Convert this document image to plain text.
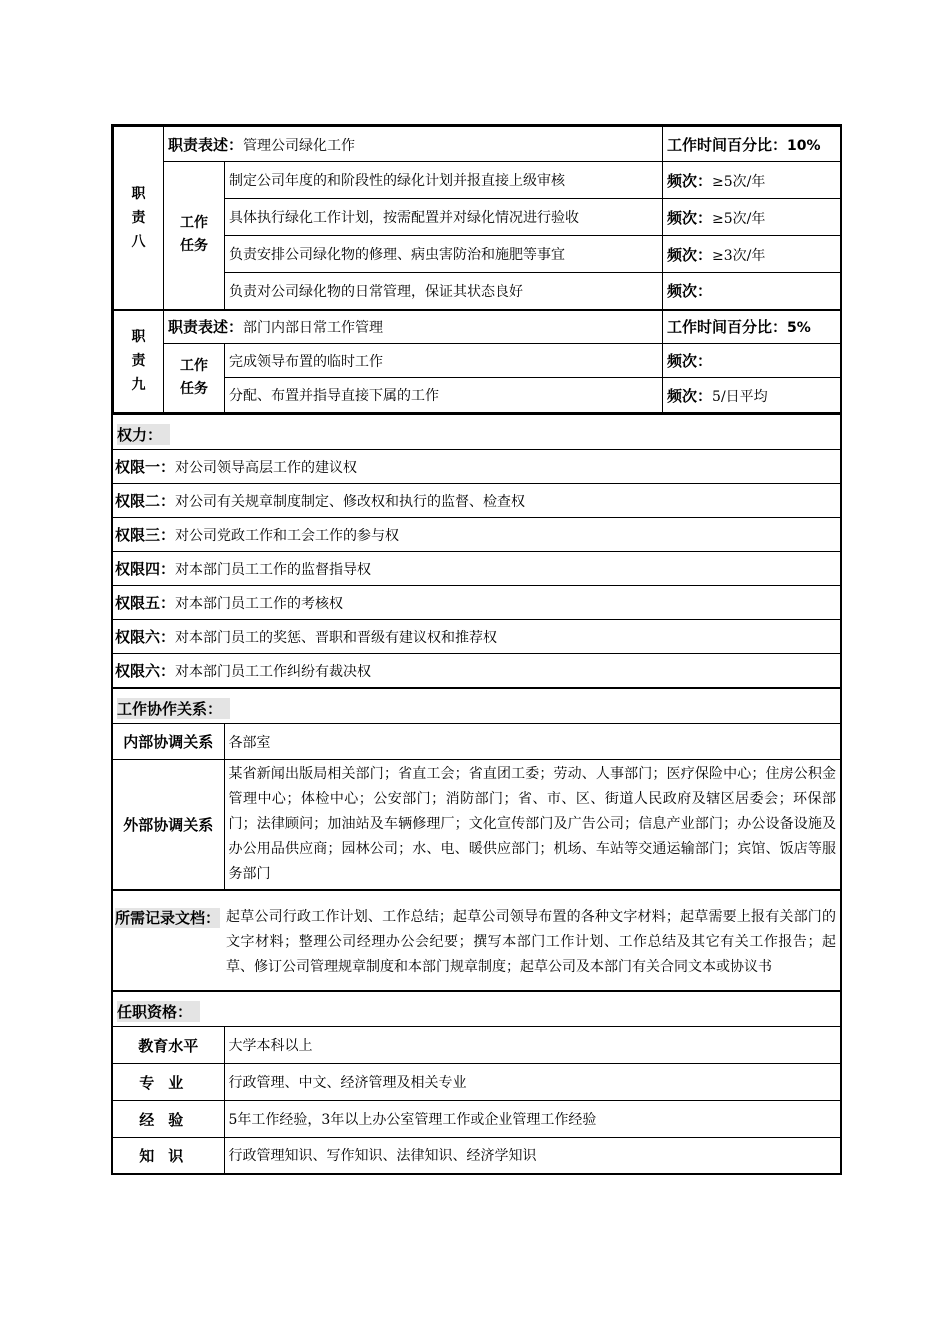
职
责
八	职责表述：管理公司绿化工作		工作时间百分比：10%
	工作
任务	制定公司年度的和阶段性的绿化计划并报直接上级审核	频次：≥5次/年
		具体执行绿化工作计划，按需配置并对绿化情况进行验收	频次：≥5次/年
		负责安排公司绿化物的修理、病虫害防治和施肥等事宜	频次：≥3次/年
		负责对公司绿化物的日常管理，保证其状态良好	频次：
职
责
九	职责表述：部门内部日常工作管理		工作时间百分比：5%
	工作
任务	完成领导布置的临时工作	频次：
		分配、布置并指导直接下属的工作	频次：5/日平均
权力：
权限一： 对公司领导高层工作的建议权
权限二： 对公司有关规章制度制定、修改权和执行的监督、检查权
权限三： 对公司党政工作和工会工作的参与权
权限四： 对本部门员工工作的监督指导权
权限五： 对本部门员工工作的考核权
权限六： 对本部门员工的奖惩、晋职和晋级有建议权和推荐权
权限六： 对本部门员工工作纠纷有裁决权
工作协作关系：
内部协调关系	各部室
外部协调关系	某省新闻出版局相关部门；省直工会；省直团工委；劳动、人事部门；医疗保险中心；住房公积金管理中心；体检中心；公安部门；消防部门；省、市、区、街道人民政府及辖区居委会；环保部门；法律顾问；加油站及车辆修理厂；文化宣传部门及广告公司；信息产业部门；办公设备设施及办公用品供应商；园林公司；水、电、暖供应部门；机场、车站等交通运输部门；宾馆、饭店等服务部门
所需记录文档： 起草公司行政工作计划、工作总结；起草公司领导布置的各种文字材料；起草需要上报有关部门的文字材料；整理公司经理办公会纪要；撰写本部门工作计划、工作总结及其它有关工作报告；起草、修订公司管理规章制度和本部门规章制度；起草公司及本部门有关合同文本或协议书
任职资格：
教育水平	大学本科以上
专业	行政管理、中文、经济管理及相关专业
经验	5年工作经验，3年以上办公室管理工作或企业管理工作经验
知识	行政管理知识、写作知识、法律知识、经济学知识
